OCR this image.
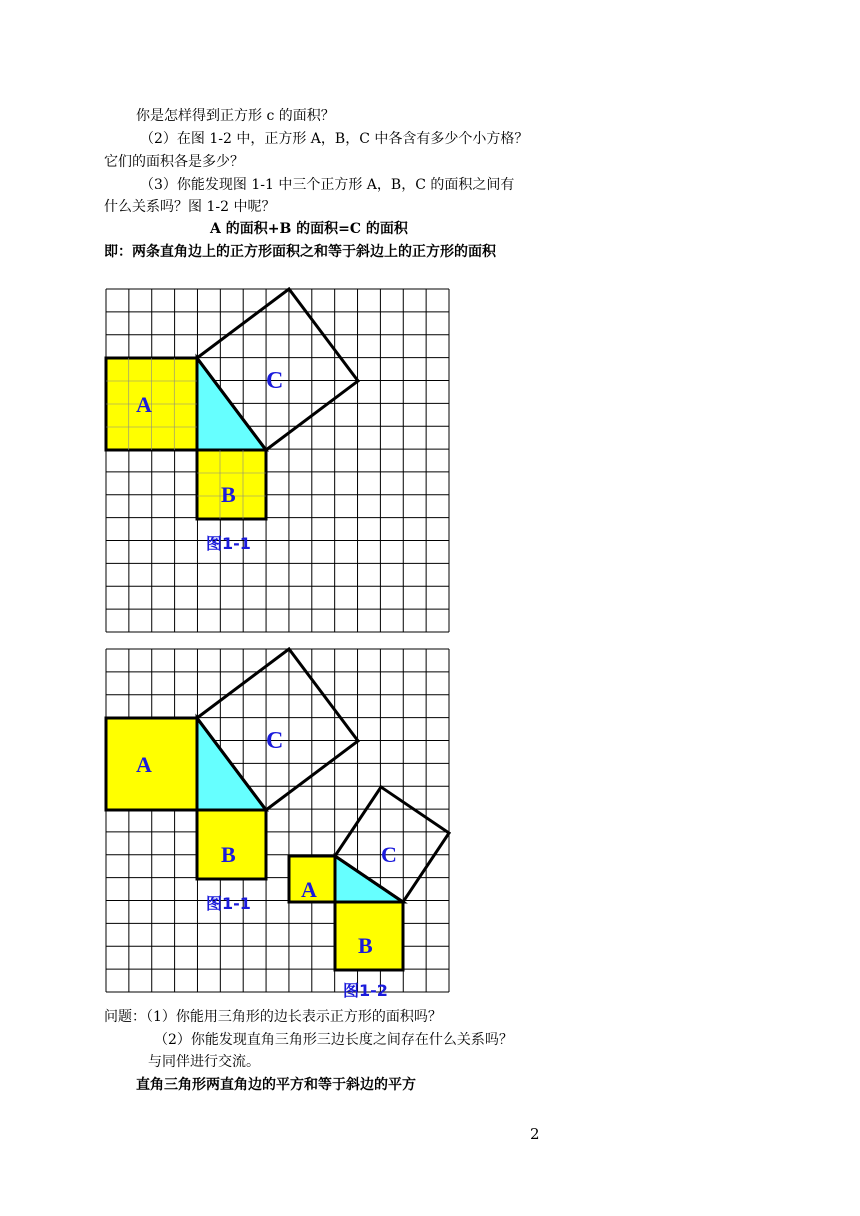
你是怎样得到正方形 c 的面积？
（2）在图 1-2 中，正方形 A，B，C 中各含有多少个小方格？
它们的面积各是多少？
（3）你能发现图 1-1 中三个正方形 A，B，C 的面积之间有
什么关系吗？图 1-2 中呢？
A 的面积+B 的面积=C 的面积
即：两条直角边上的正方形面积之和等于斜边上的正方形的面积
A
B
C
图1-1
A
B
C
图1-1
A
B
C
图1-2
问题：（1）你能用三角形的边长表示正方形的面积吗？
（2）你能发现直角三角形三边长度之间存在什么关系吗？
与同伴进行交流。
直角三角形两直角边的平方和等于斜边的平方
2
